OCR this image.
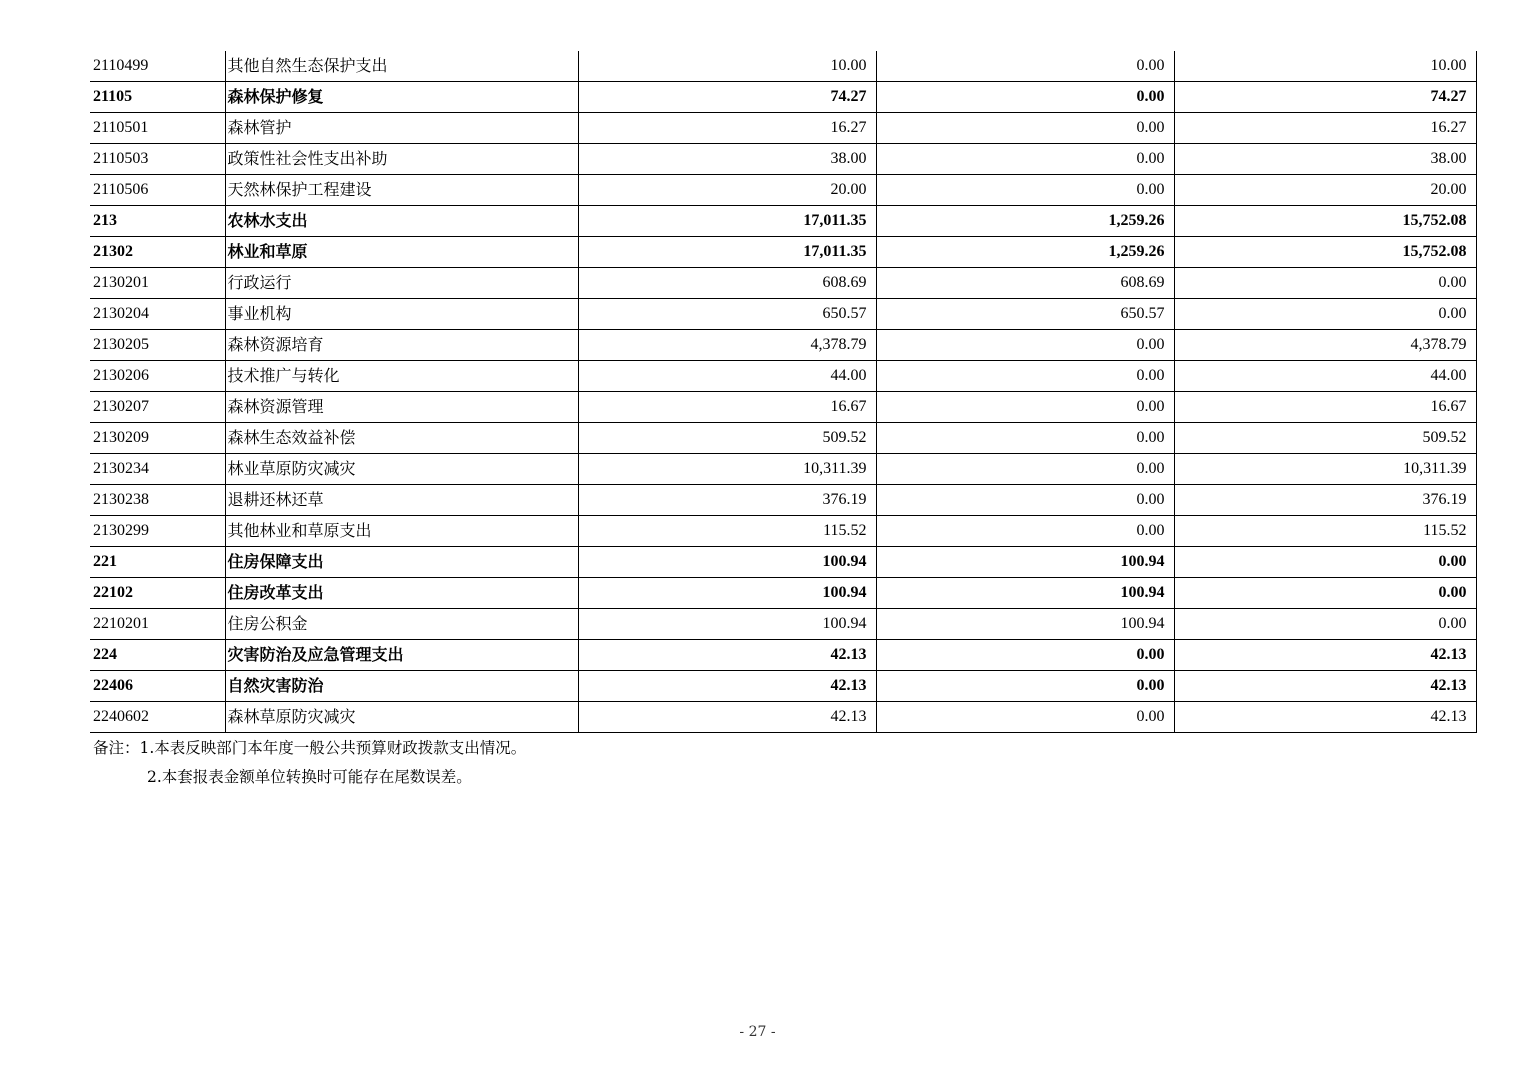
2110499	其他自然生态保护支出	10.00	0.00	10.00
21105	森林保护修复	74.27	0.00	74.27
2110501	森林管护	16.27	0.00	16.27
2110503	政策性社会性支出补助	38.00	0.00	38.00
2110506	天然林保护工程建设	20.00	0.00	20.00
213	农林水支出	17,011.35	1,259.26	15,752.08
21302	林业和草原	17,011.35	1,259.26	15,752.08
2130201	行政运行	608.69	608.69	0.00
2130204	事业机构	650.57	650.57	0.00
2130205	森林资源培育	4,378.79	0.00	4,378.79
2130206	技术推广与转化	44.00	0.00	44.00
2130207	森林资源管理	16.67	0.00	16.67
2130209	森林生态效益补偿	509.52	0.00	509.52
2130234	林业草原防灾减灾	10,311.39	0.00	10,311.39
2130238	退耕还林还草	376.19	0.00	376.19
2130299	其他林业和草原支出	115.52	0.00	115.52
221	住房保障支出	100.94	100.94	0.00
22102	住房改革支出	100.94	100.94	0.00
2210201	住房公积金	100.94	100.94	0.00
224	灾害防治及应急管理支出	42.13	0.00	42.13
22406	自然灾害防治	42.13	0.00	42.13
2240602	森林草原防灾减灾	42.13	0.00	42.13
备注：1.本表反映部门本年度一般公共预算财政拨款支出情况。
2.本套报表金额单位转换时可能存在尾数误差。
- 27 -
